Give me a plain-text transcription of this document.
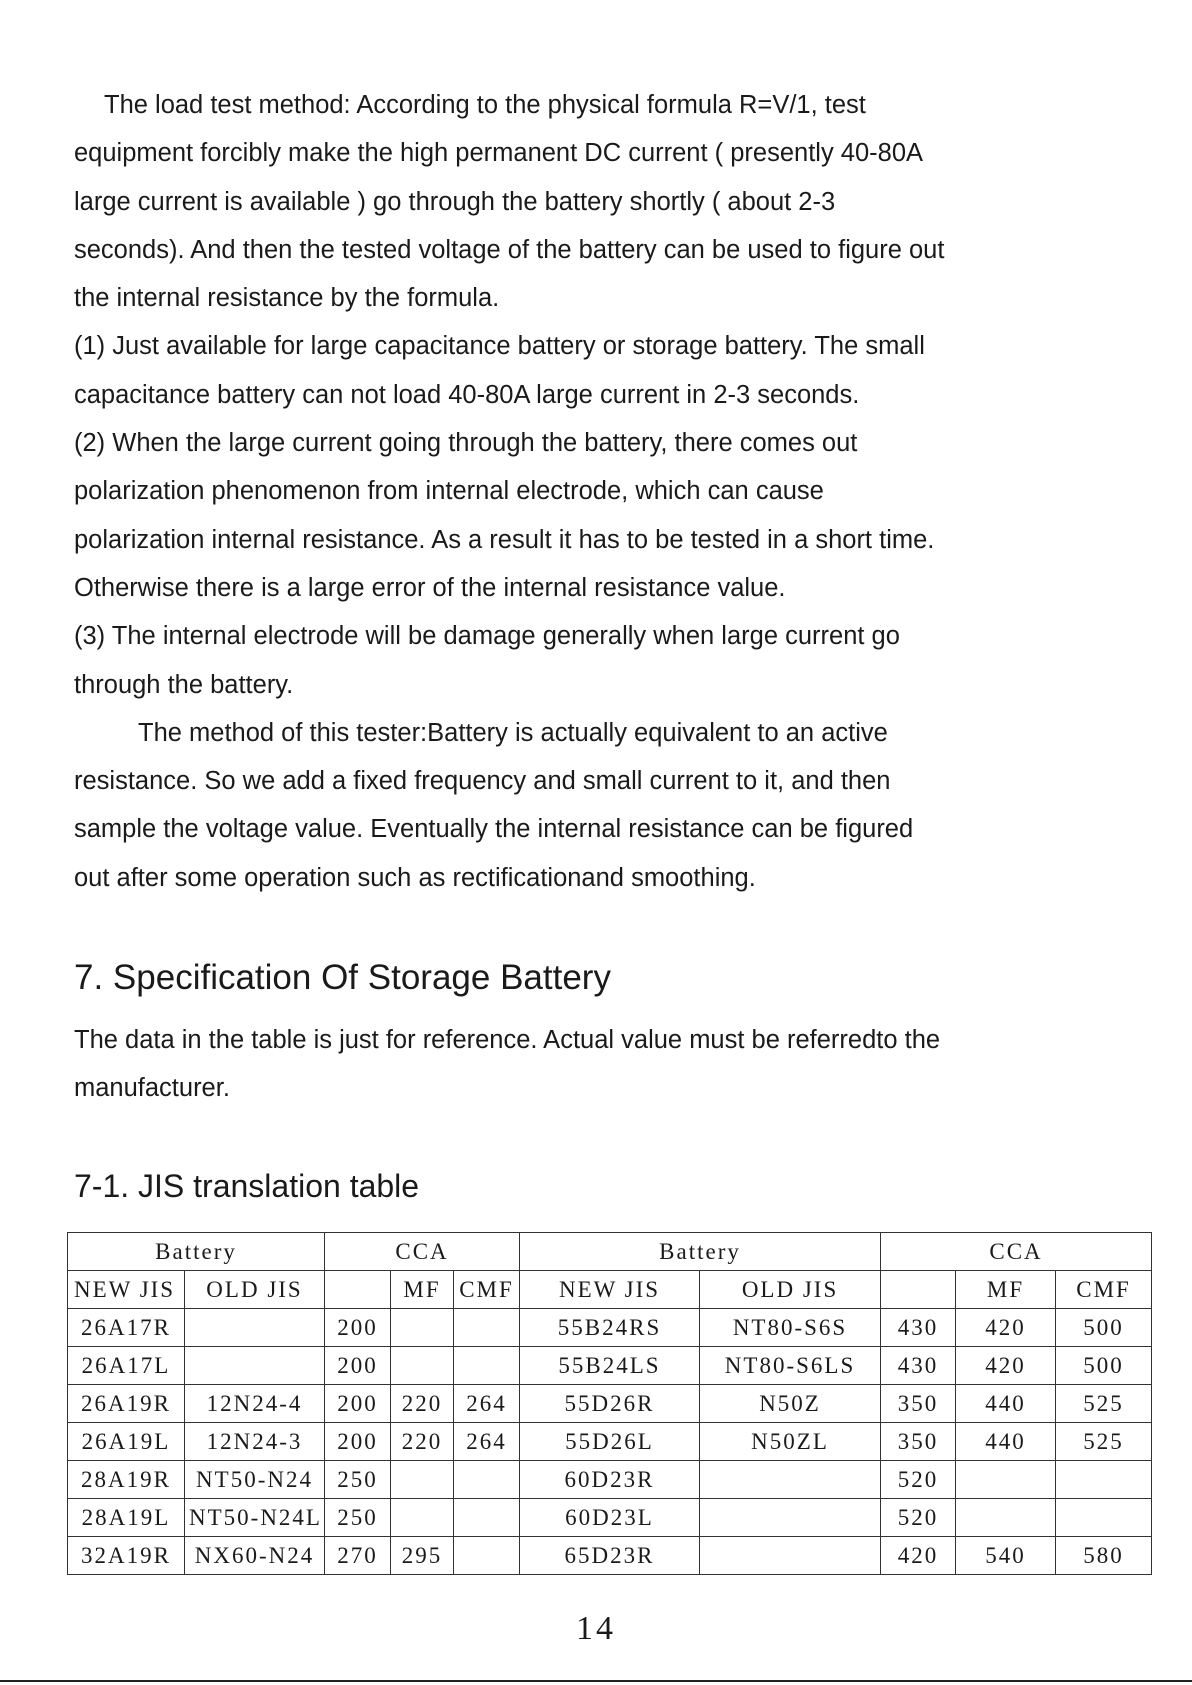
The load test method: According to the physical formula R=V/1, test
equipment forcibly make the high permanent DC current ( presently 40-80A
large current is available ) go through the battery shortly ( about 2-3
seconds). And then the tested voltage of the battery can be used to figure out
the internal resistance by the formula.
(1) Just available for large capacitance battery or storage battery. The small
capacitance battery can not load 40-80A large current in 2-3 seconds.
(2) When the large current going through the battery, there comes out
polarization phenomenon from internal electrode, which can cause
polarization internal resistance. As a result it has to be tested in a short time.
Otherwise there is a large error of the internal resistance value.
(3) The internal electrode will be damage generally when large current go
through the battery.
The method of this tester:Battery is actually equivalent to an active
resistance. So we add a fixed frequency and small current to it, and then
sample the voltage value. Eventually the internal resistance can be figured
out after some operation such as rectificationand smoothing.
7. Specification Of Storage Battery
The data in the table is just for reference. Actual value must be referredto the
manufacturer.
7-1. JIS translation table
Battery		CCA			Battery		CCA		
NEW JIS	OLD JIS		MF	CMF	NEW JIS	OLD JIS		MF	CMF
26A17R		200			55B24RS	NT80-S6S	430	420	500
26A17L		200			55B24LS	NT80-S6LS	430	420	500
26A19R	12N24-4	200	220	264	55D26R	N50Z	350	440	525
26A19L	12N24-3	200	220	264	55D26L	N50ZL	350	440	525
28A19R	NT50-N24	250			60D23R		520		
28A19L	NT50-N24L	250			60D23L		520		
32A19R	NX60-N24	270	295		65D23R		420	540	580
14
